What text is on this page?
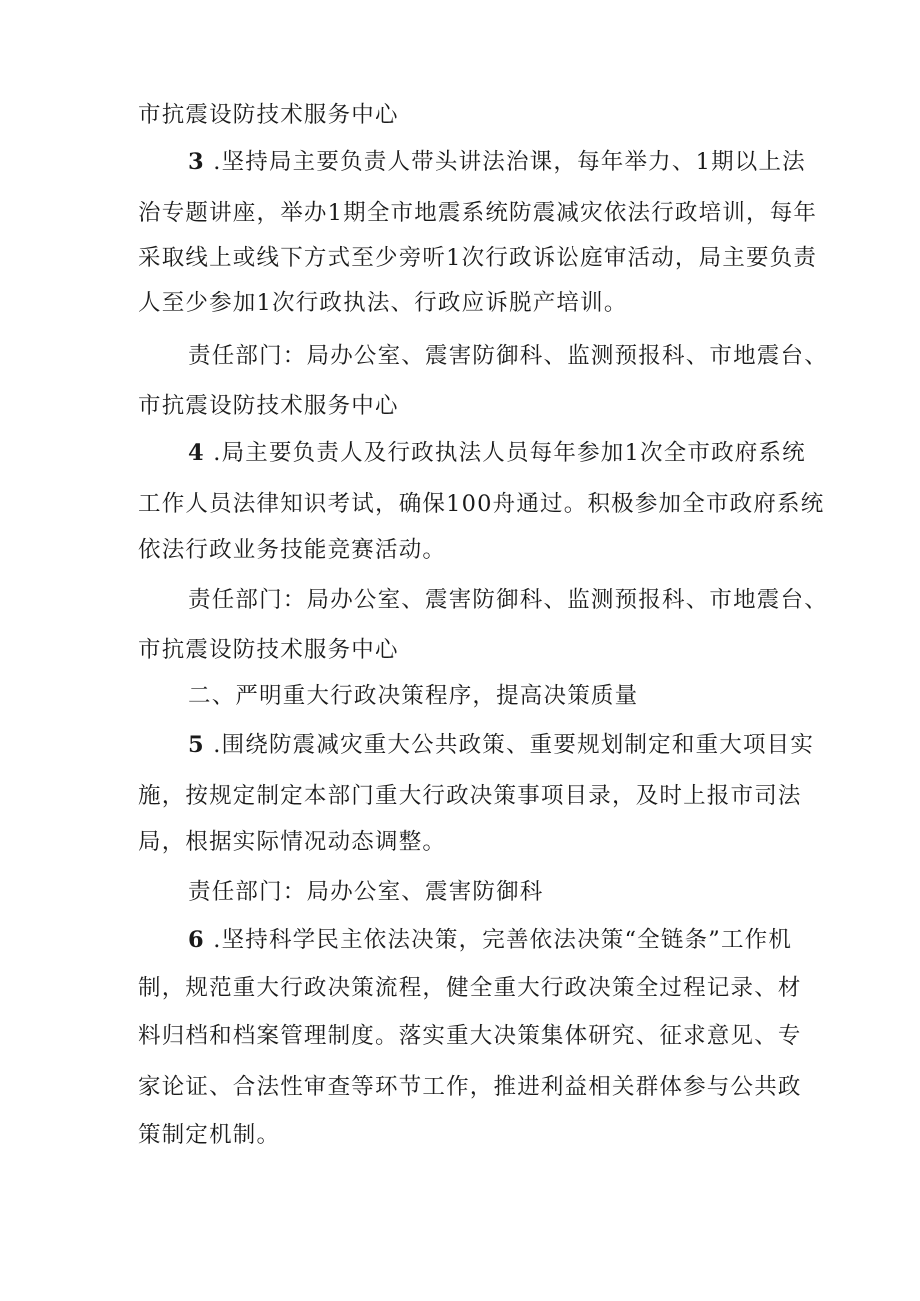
市抗震设防技术服务中心
3 .坚持局主要负责人带头讲法治课，每年举力、1期以上法
治专题讲座，举办1期全市地震系统防震减灾依法行政培训，每年
采取线上或线下方式至少旁听1次行政诉讼庭审活动，局主要负责
人至少参加1次行政执法、行政应诉脱产培训。
责任部门：局办公室、震害防御科、监测预报科、市地震台、
市抗震设防技术服务中心
4 .局主要负责人及行政执法人员每年参加1次全市政府系统
工作人员法律知识考试，确保100舟通过。积极参加全市政府系统
依法行政业务技能竞赛活动。
责任部门：局办公室、震害防御科、监测预报科、市地震台、
市抗震设防技术服务中心
二、严明重大行政决策程序，提高决策质量
5 .围绕防震减灾重大公共政策、重要规划制定和重大项目实
施，按规定制定本部门重大行政决策事项目录，及时上报市司法
局，根据实际情况动态调整。
责任部门：局办公室、震害防御科
6 .坚持科学民主依法决策，完善依法决策“全链条”工作机
制，规范重大行政决策流程，健全重大行政决策全过程记录、材
料归档和档案管理制度。落实重大决策集体研究、征求意见、专
家论证、合法性审查等环节工作，推进利益相关群体参与公共政
策制定机制。
